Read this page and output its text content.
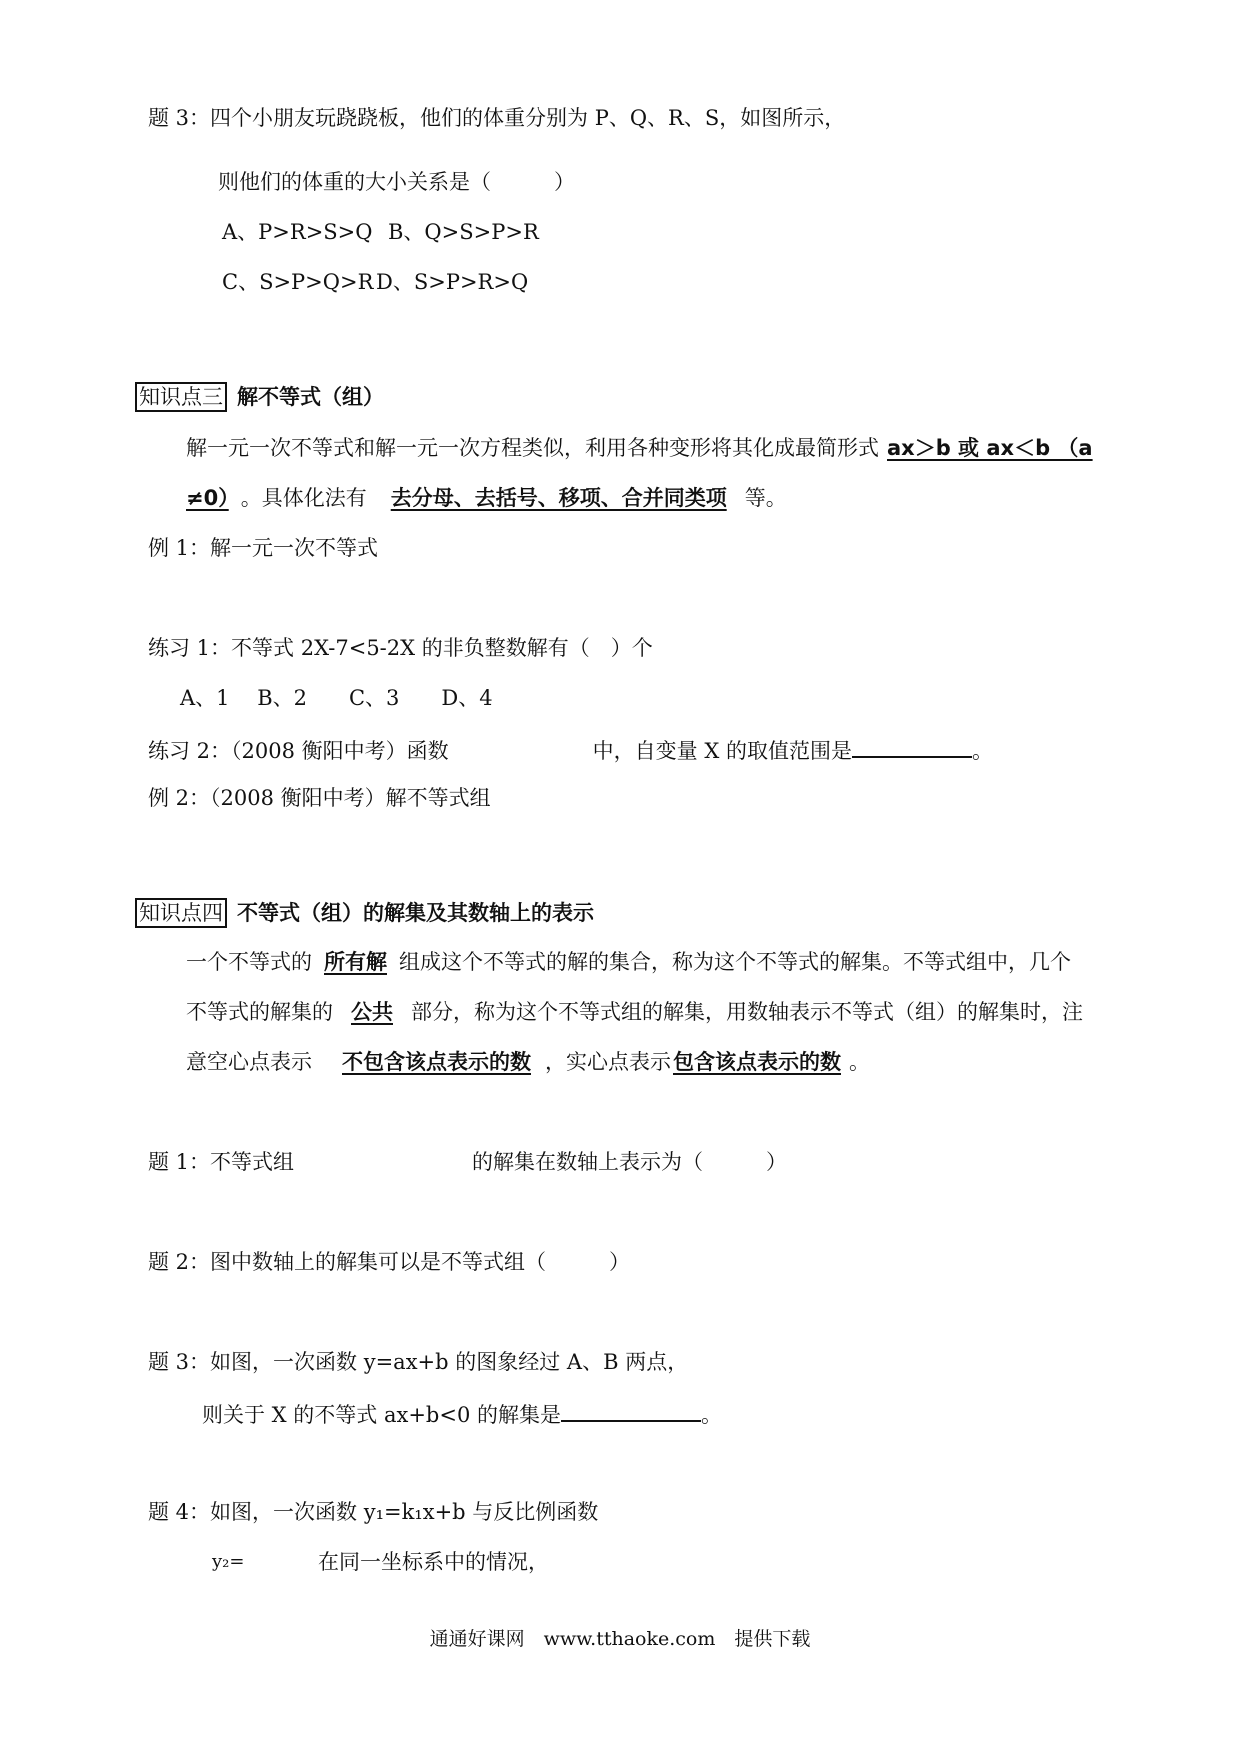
题 3：四个小朋友玩跷跷板，他们的体重分别为 P、Q、R、S，如图所示，
则他们的体重的大小关系是（　　　）
A、P>R>S>Q B、Q>S>P>R
C、S>P>Q>R D、S>P>R>Q
知识点三 解不等式（组）
解一元一次不等式和解一元一次方程类似，利用各种变形将其化成最简形式 ax＞b 或 ax＜b （a
≠0） 。具体化法有 去分母、去括号、移项、合并同类项 等。
例 1：解一元一次不等式
练习 1：不等式 2X-7<5-2X 的非负整数解有（　）个
A、1　 B、2　　C、3　　D、4
练习 2：（2008 衡阳中考）函数	中，自变量 X 的取值范围是	。
例 2：（2008 衡阳中考）解不等式组
知识点四 不等式（组）的解集及其数轴上的表示
一个不等式的 所有解 组成这个不等式的解的集合，称为这个不等式的解集。不等式组中，几个
不等式的解集的 公共 部分，称为这个不等式组的解集，用数轴表示不等式（组）的解集时，注
意空心点表示 不包含该点表示的数 ，实心点表示包含该点表示的数 。
题 1：不等式组	的解集在数轴上表示为（　　　）
题 2：图中数轴上的解集可以是不等式组（　　　）
题 3：如图，一次函数 y=ax+b 的图象经过 A、B 两点，
则关于 X 的不等式 ax+b<0 的解集是	。
题 4：如图，一次函数 y₁=k₁x+b 与反比例函数
y₂=	在同一坐标系中的情况，
通通好课网　www.tthaoke.com　提供下载
